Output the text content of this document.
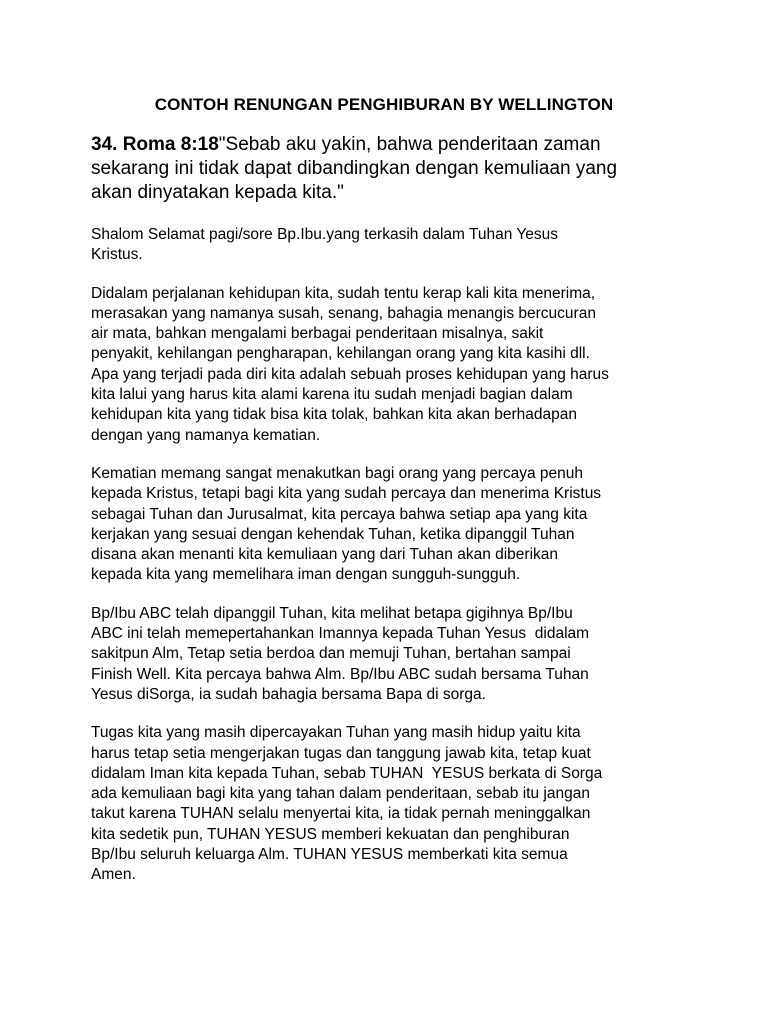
CONTOH RENUNGAN PENGHIBURAN BY WELLINGTON
34. Roma 8:18"Sebab aku yakin, bahwa penderitaan zaman
sekarang ini tidak dapat dibandingkan dengan kemuliaan yang
akan dinyatakan kepada kita."
Shalom Selamat pagi/sore Bp.Ibu.yang terkasih dalam Tuhan Yesus
Kristus.
Didalam perjalanan kehidupan kita, sudah tentu kerap kali kita menerima,
merasakan yang namanya susah, senang, bahagia menangis bercucuran
air mata, bahkan mengalami berbagai penderitaan misalnya, sakit
penyakit, kehilangan pengharapan, kehilangan orang yang kita kasihi dll.
Apa yang terjadi pada diri kita adalah sebuah proses kehidupan yang harus
kita lalui yang harus kita alami karena itu sudah menjadi bagian dalam
kehidupan kita yang tidak bisa kita tolak, bahkan kita akan berhadapan
dengan yang namanya kematian.
Kematian memang sangat menakutkan bagi orang yang percaya penuh
kepada Kristus, tetapi bagi kita yang sudah percaya dan menerima Kristus
sebagai Tuhan dan Jurusalmat, kita percaya bahwa setiap apa yang kita
kerjakan yang sesuai dengan kehendak Tuhan, ketika dipanggil Tuhan
disana akan menanti kita kemuliaan yang dari Tuhan akan diberikan
kepada kita yang memelihara iman dengan sungguh-sungguh.
Bp/Ibu ABC telah dipanggil Tuhan, kita melihat betapa gigihnya Bp/Ibu
ABC ini telah memepertahankan Imannya kepada Tuhan Yesus  didalam
sakitpun Alm, Tetap setia berdoa dan memuji Tuhan, bertahan sampai
Finish Well. Kita percaya bahwa Alm. Bp/Ibu ABC sudah bersama Tuhan
Yesus diSorga, ia sudah bahagia bersama Bapa di sorga.
Tugas kita yang masih dipercayakan Tuhan yang masih hidup yaitu kita
harus tetap setia mengerjakan tugas dan tanggung jawab kita, tetap kuat
didalam Iman kita kepada Tuhan, sebab TUHAN  YESUS berkata di Sorga
ada kemuliaan bagi kita yang tahan dalam penderitaan, sebab itu jangan
takut karena TUHAN selalu menyertai kita, ia tidak pernah meninggalkan
kita sedetik pun, TUHAN YESUS memberi kekuatan dan penghiburan
Bp/Ibu seluruh keluarga Alm. TUHAN YESUS memberkati kita semua
Amen.
